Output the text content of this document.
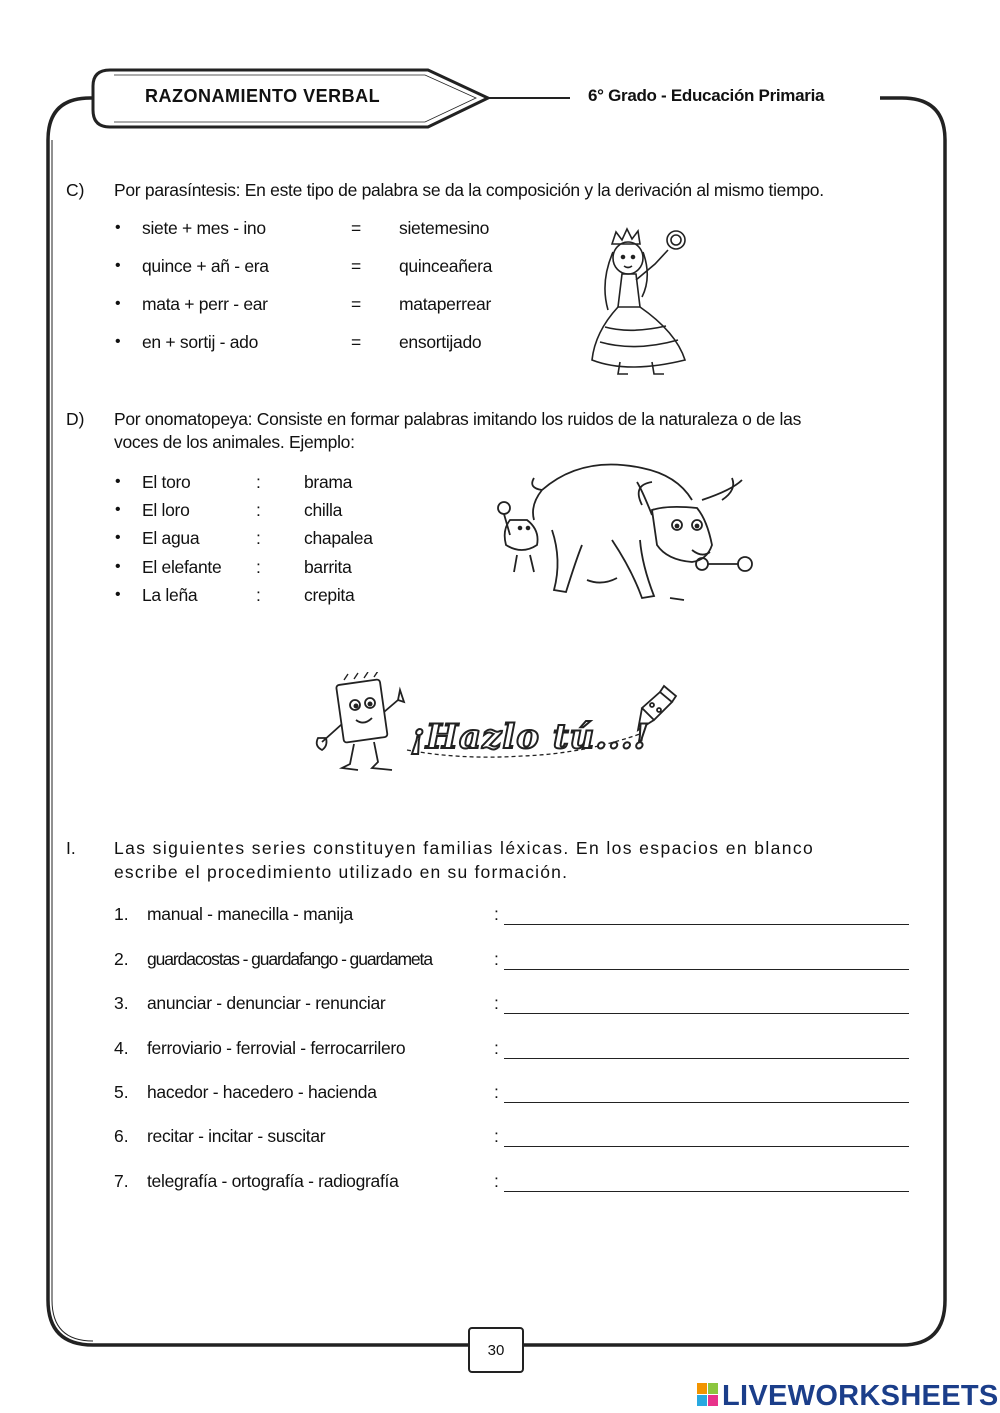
RAZONAMIENTO VERBAL	6° Grado - Educación Primaria
C) Por parasíntesis: En este tipo de palabra se da la composición y la derivación al mismo tiempo.
• siete + mes - ino	= sietemesino
• quince + añ - era	= quinceañera
• mata + perr - ear	= mataperrear
• en + sortij - ado	= ensortijado
D) Por onomatopeya: Consiste en formar palabras imitando los ruidos de la naturaleza o de las
voces de los animales. Ejemplo:
• El toro	: brama
• El loro	: chilla
• El agua	: chapalea
• El elefante : barrita
• La leña	: crepita
¡Hazlo tú...!
I. Las siguientes series constituyen familias léxicas. En los espacios en blanco
escribe el procedimiento utilizado en su formación.
1. manual - manecilla - manija	:
2. guardacostas - guardafango - guardameta	:
3. anunciar - denunciar - renunciar	:
4. ferroviario - ferrovial - ferrocarrilero	:
5. hacedor - hacedero - hacienda	:
6. recitar - incitar - suscitar	:
7. telegrafía - ortografía - radiografía	:
30
LIVEWORKSHEETS
